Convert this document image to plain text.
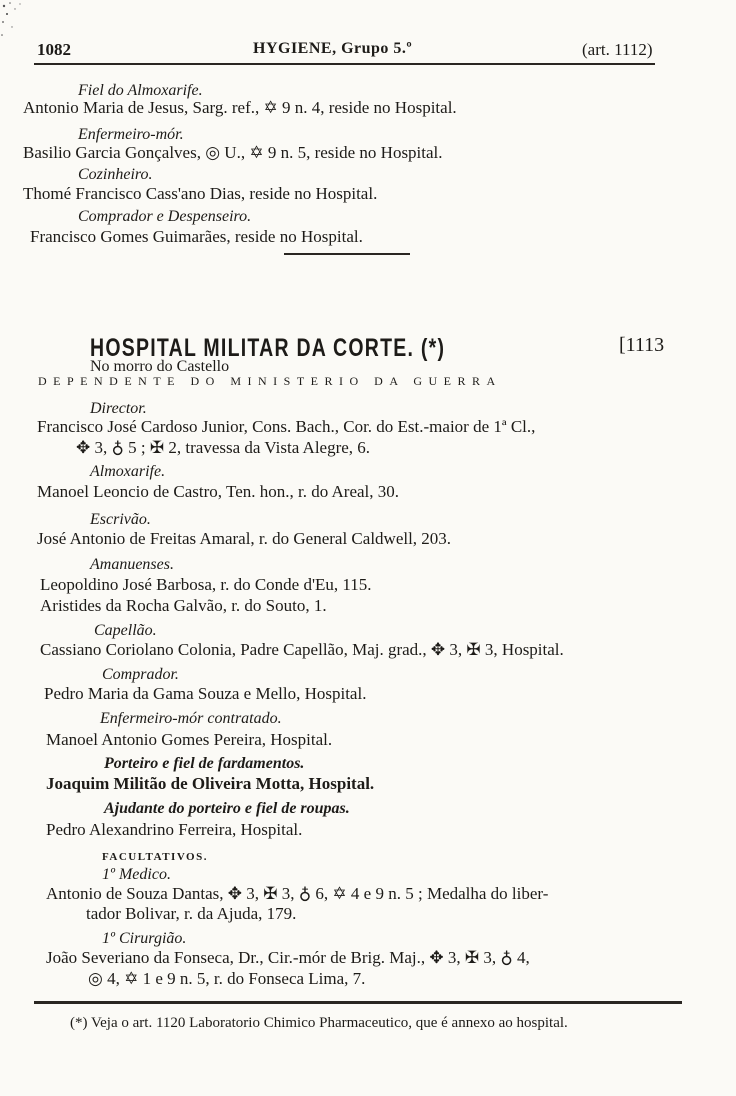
1082	HYGIENE, Grupo 5.º	(art. 1112)
Fiel do Almoxarife.
Antonio Maria de Jesus, Sarg. ref., ✡ 9 n. 4, reside no Hospital.
Enfermeiro-mór.
Basilio Garcia Gonçalves, ◎ U., ✡ 9 n. 5, reside no Hospital.
Cozinheiro.
Thomé Francisco Cass'ano Dias, reside no Hospital.
Comprador e Despenseiro.
Francisco Gomes Guimarães, reside no Hospital.
HOSPITAL MILITAR DA CORTE. (*)	[1113
No morro do Castello
DEPENDENTE DO MINISTERIO DA GUERRA
Director.
Francisco José Cardoso Junior, Cons. Bach., Cor. do Est.-maior de 1ª Cl.,
✥ 3, ♁ 5 ; ✠ 2, travessa da Vista Alegre, 6.
Almoxarife.
Manoel Leoncio de Castro, Ten. hon., r. do Areal, 30.
Escrivão.
José Antonio de Freitas Amaral, r. do General Caldwell, 203.
Amanuenses.
Leopoldino José Barbosa, r. do Conde d'Eu, 115.
Aristides da Rocha Galvão, r. do Souto, 1.
Capellão.
Cassiano Coriolano Colonia, Padre Capellão, Maj. grad., ✥ 3, ✠ 3, Hospital.
Comprador.
Pedro Maria da Gama Souza e Mello, Hospital.
Enfermeiro-mór contratado.
Manoel Antonio Gomes Pereira, Hospital.
Porteiro e fiel de fardamentos.
Joaquim Militão de Oliveira Motta, Hospital.
Ajudante do porteiro e fiel de roupas.
Pedro Alexandrino Ferreira, Hospital.
FACULTATIVOS.
1º Medico.
Antonio de Souza Dantas, ✥ 3, ✠ 3, ♁ 6, ✡ 4 e 9 n. 5 ; Medalha do liber-
tador Bolivar, r. da Ajuda, 179.
1º Cirurgião.
João Severiano da Fonseca, Dr., Cir.-mór de Brig. Maj., ✥ 3, ✠ 3, ♁ 4,
◎ 4, ✡ 1 e 9 n. 5, r. do Fonseca Lima, 7.
(*) Veja o art. 1120 Laboratorio Chimico Pharmaceutico, que é annexo ao hospital.
